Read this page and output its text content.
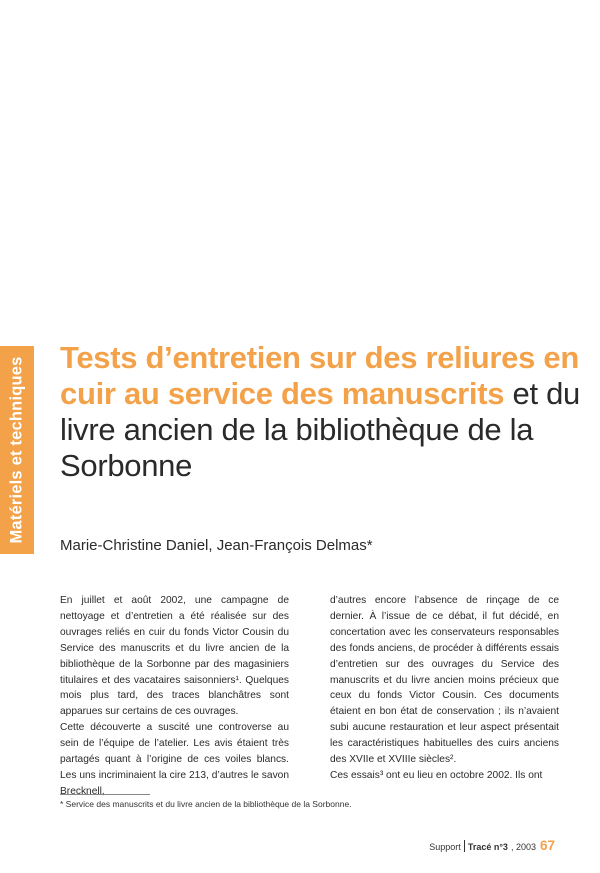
Matériels et techniques Tests d’entretien sur des reliures en cuir au service des manuscrits et du livre ancien de la bibliothèque de la Sorbonne

Marie-Christine Daniel, Jean-François Delmas*

En juillet et août 2002, une campagne de nettoyage et d’entretien a été réalisée sur des ouvrages reliés en cuir du fonds Victor Cousin du Service des manuscrits et du livre ancien de la bibliothèque de la Sorbonne par des magasiniers titulaires et des vacataires saisonniers¹. Quelques mois plus tard, des traces blanchâtres sont apparues sur certains de ces ouvrages.

Cette découverte a suscité une controverse au sein de l’équipe de l’atelier. Les avis étaient très partagés quant à l’origine de ces voiles blancs. Les uns incriminaient la cire 213, d’autres le savon Brecknell,

d’autres encore l’absence de rinçage de ce dernier. À l’issue de ce débat, il fut décidé, en concertation avec les conservateurs responsables des fonds anciens, de procéder à différents essais d’entretien sur des ouvrages du Service des manuscrits et du livre ancien moins précieux que ceux du fonds Victor Cousin. Ces documents étaient en bon état de conservation ; ils n’avaient subi aucune restauration et leur aspect présentait les caractéristiques habituelles des cuirs anciens des XVIIe et XVIIIe siècles².

Ces essais³ ont eu lieu en octobre 2002. Ils ont

* Service des manuscrits et du livre ancien de la bibliothèque de la Sorbonne.
Support Tracé n°3 , 2003 67
